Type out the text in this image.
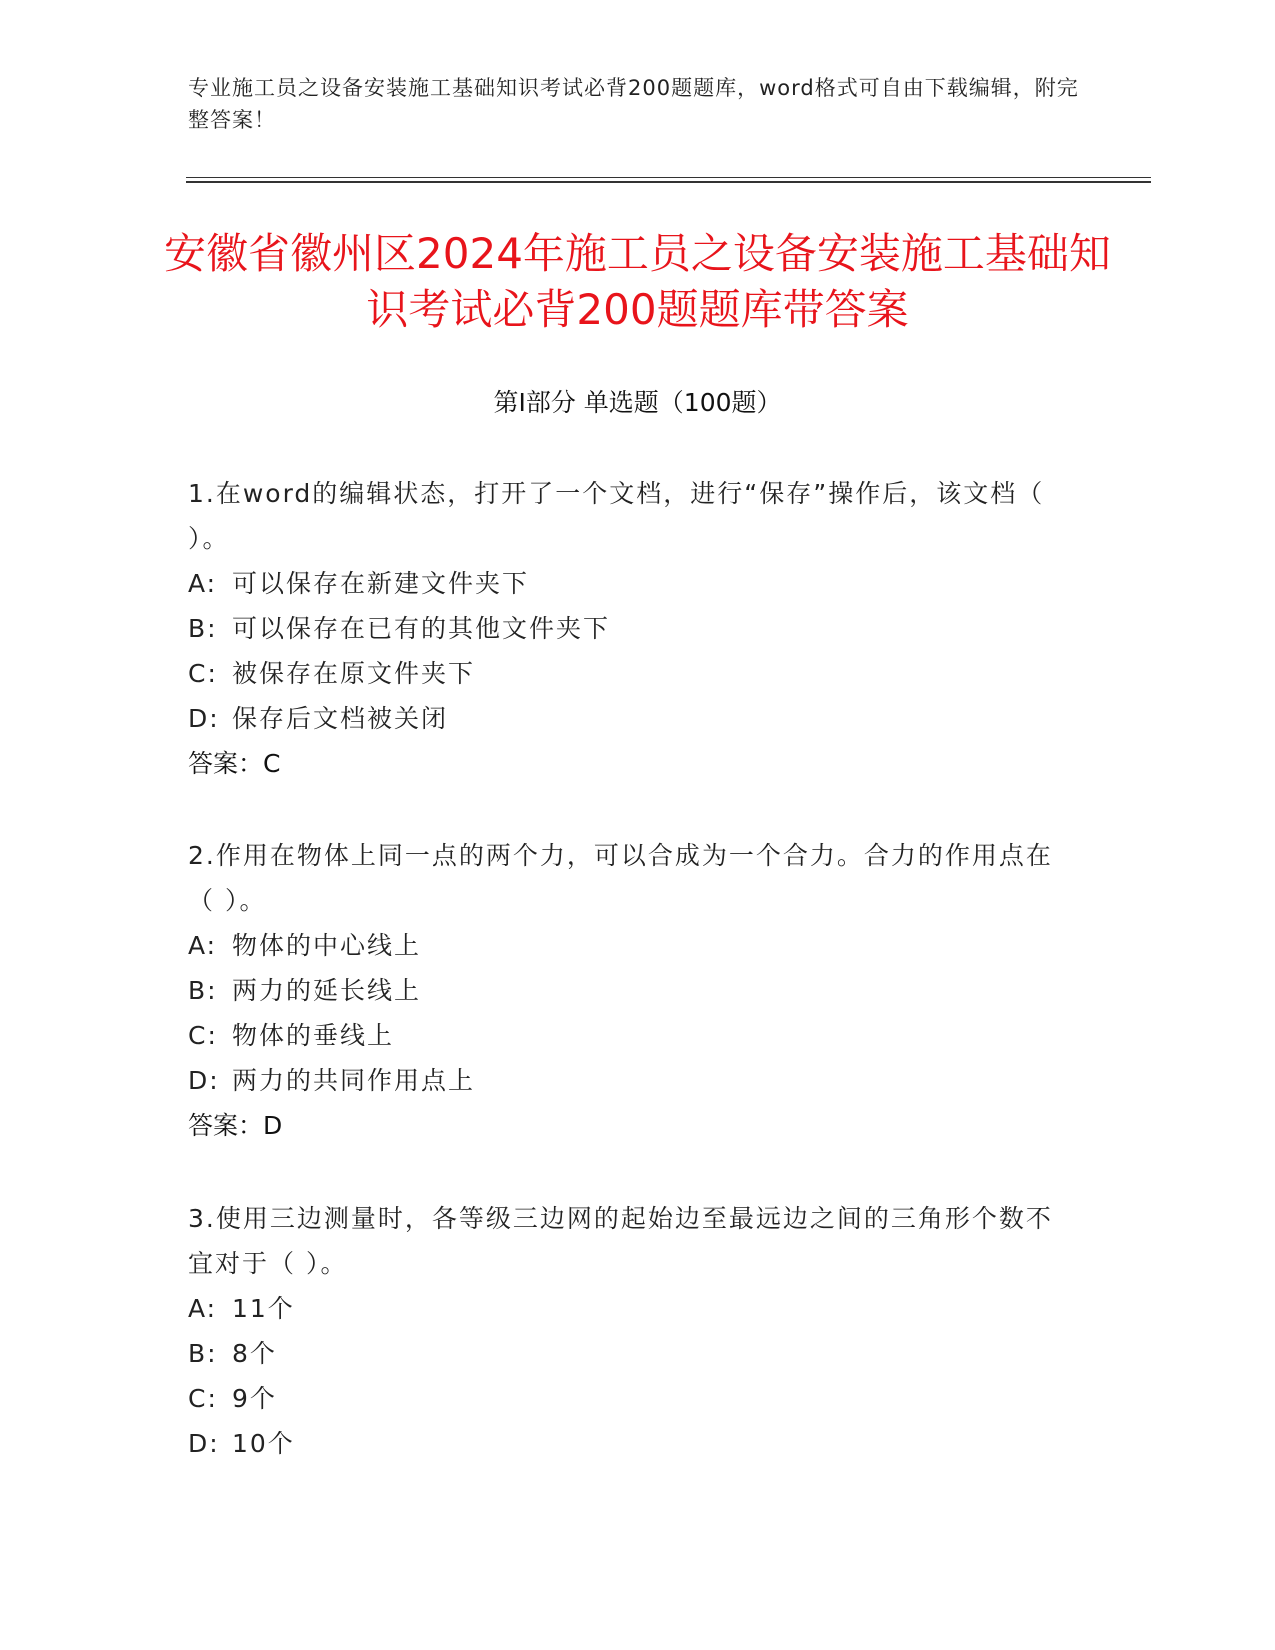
专业施工员之设备安装施工基础知识考试必背200题题库，word格式可自由下载编辑，附完整答案！
安徽省徽州区2024年施工员之设备安装施工基础知识考试必背200题题库带答案
第Ⅰ部分 单选题（100题）
1.在word的编辑状态，打开了一个文档，进行“保存”操作后，该文档（ ）。
A: 可以保存在新建文件夹下
B: 可以保存在已有的其他文件夹下
C: 被保存在原文件夹下
D: 保存后文档被关闭
答案：C
2.作用在物体上同一点的两个力，可以合成为一个合力。合力的作用点在（ ）。
A: 物体的中心线上
B: 两力的延长线上
C: 物体的垂线上
D: 两力的共同作用点上
答案：D
3.使用三边测量时，各等级三边网的起始边至最远边之间的三角形个数不宜对于（ ）。
A: 11个
B: 8个
C: 9个
D: 10个
